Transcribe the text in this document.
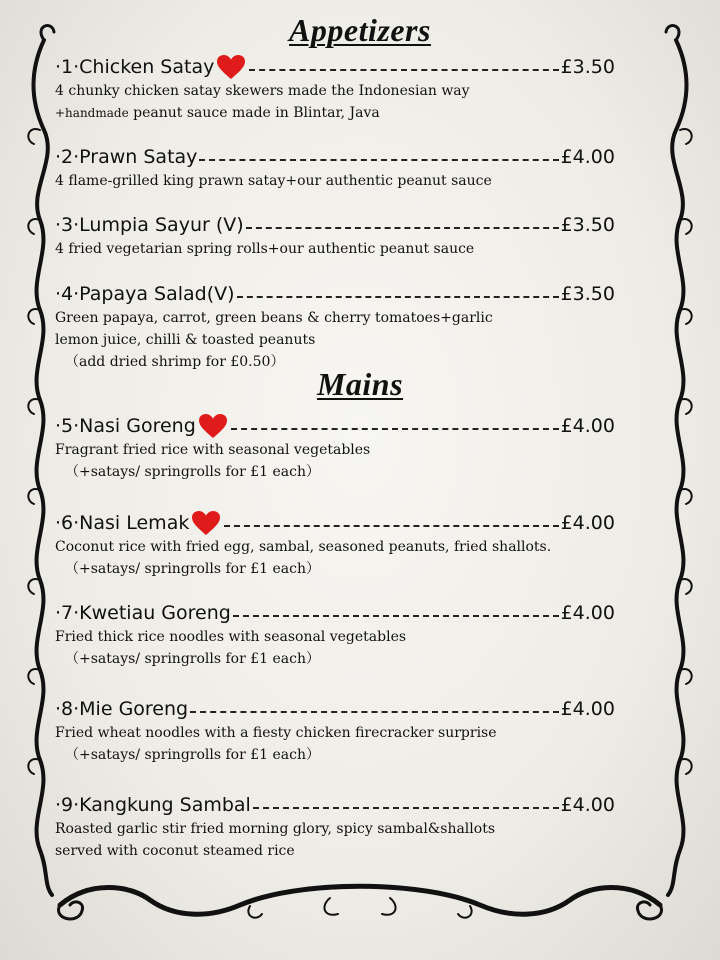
Appetizers
Mains
·1·Chicken Satay	£3.50
4 chunky chicken satay skewers made the Indonesian way
+handmade peanut sauce made in Blintar, Java
·2·Prawn Satay	£4.00
4 flame-grilled king prawn satay+our authentic peanut sauce
·3·Lumpia Sayur (V)	£3.50
4 fried vegetarian spring rolls+our authentic peanut sauce
·4·Papaya Salad(V)	£3.50
Green papaya, carrot, green beans & cherry tomatoes+garlic
lemon juice, chilli & toasted peanuts
（add dried shrimp for £0.50）
·5·Nasi Goreng	£4.00
Fragrant fried rice with seasonal vegetables
（+satays/ springrolls for £1 each）
·6·Nasi Lemak	£4.00
Coconut rice with fried egg, sambal, seasoned peanuts, fried shallots.
（+satays/ springrolls for £1 each）
·7·Kwetiau Goreng	£4.00
Fried thick rice noodles with seasonal vegetables
（+satays/ springrolls for £1 each）
·8·Mie Goreng	£4.00
Fried wheat noodles with a fiesty chicken firecracker surprise
（+satays/ springrolls for £1 each）
·9·Kangkung Sambal	£4.00
Roasted garlic stir fried morning glory, spicy sambal&shallots
served with coconut steamed rice
